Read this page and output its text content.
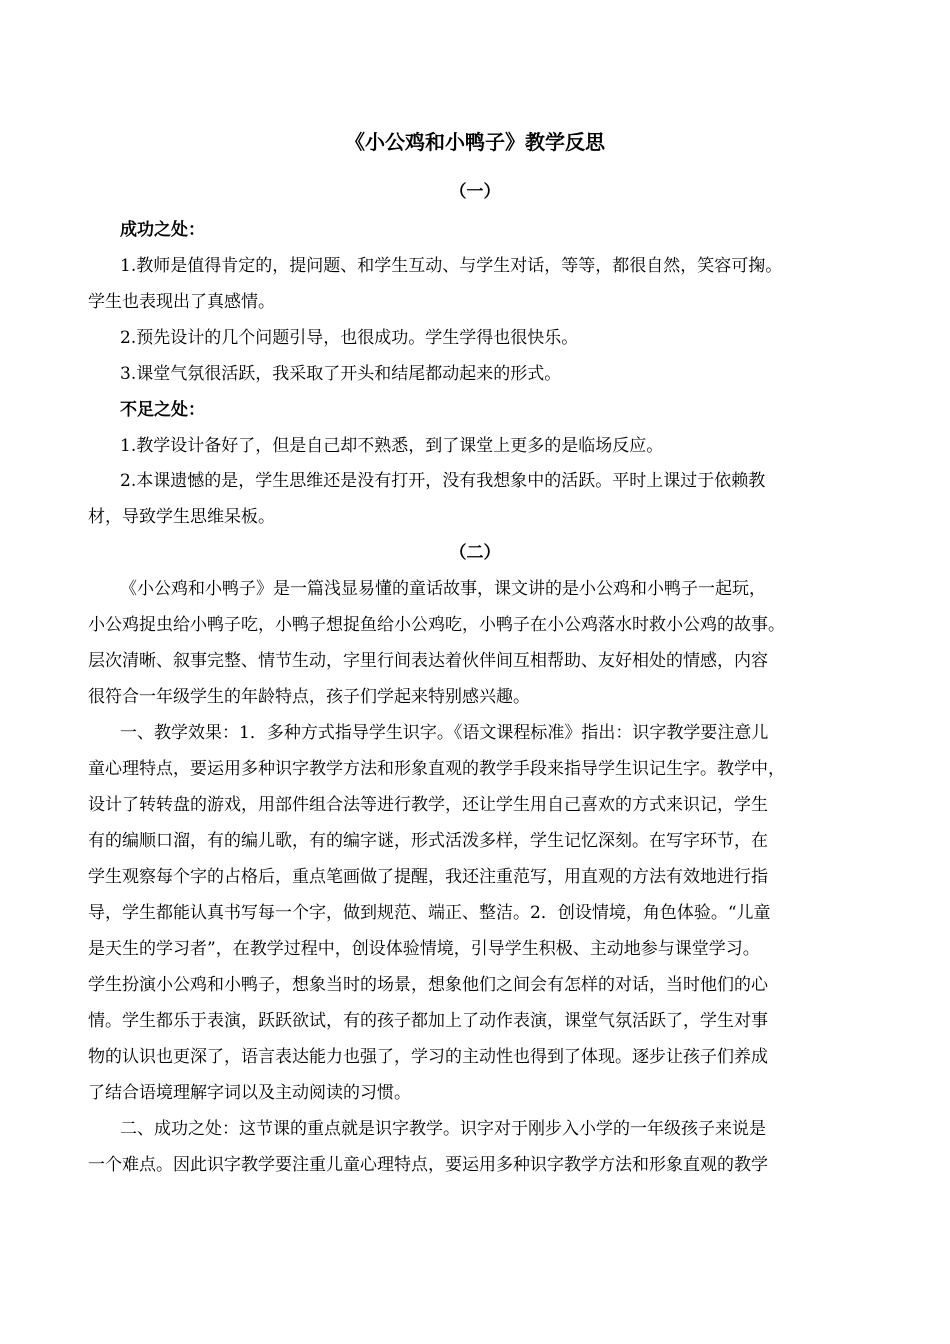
《小公鸡和小鸭子》教学反思
（一）
成功之处：
1.教师是值得肯定的，提问题、和学生互动、与学生对话，等等，都很自然，笑容可掬。
学生也表现出了真感情。
2.预先设计的几个问题引导，也很成功。学生学得也很快乐。
3.课堂气氛很活跃，我采取了开头和结尾都动起来的形式。
不足之处：
1.教学设计备好了，但是自己却不熟悉，到了课堂上更多的是临场反应。
2.本课遗憾的是，学生思维还是没有打开，没有我想象中的活跃。平时上课过于依赖教
材，导致学生思维呆板。
（二）
《小公鸡和小鸭子》是一篇浅显易懂的童话故事，课文讲的是小公鸡和小鸭子一起玩，
小公鸡捉虫给小鸭子吃，小鸭子想捉鱼给小公鸡吃，小鸭子在小公鸡落水时救小公鸡的故事。
层次清晰、叙事完整、情节生动，字里行间表达着伙伴间互相帮助、友好相处的情感，内容
很符合一年级学生的年龄特点，孩子们学起来特别感兴趣。
一、教学效果：1．多种方式指导学生识字。《语文课程标准》指出：识字教学要注意儿
童心理特点，要运用多种识字教学方法和形象直观的教学手段来指导学生识记生字。教学中，
设计了转转盘的游戏，用部件组合法等进行教学，还让学生用自己喜欢的方式来识记，学生
有的编顺口溜，有的编儿歌，有的编字谜，形式活泼多样，学生记忆深刻。在写字环节，在
学生观察每个字的占格后，重点笔画做了提醒，我还注重范写，用直观的方法有效地进行指
导，学生都能认真书写每一个字，做到规范、端正、整洁。2．创设情境，角色体验。“儿童
是天生的学习者”，在教学过程中，创设体验情境，引导学生积极、主动地参与课堂学习。
学生扮演小公鸡和小鸭子，想象当时的场景，想象他们之间会有怎样的对话，当时他们的心
情。学生都乐于表演，跃跃欲试，有的孩子都加上了动作表演，课堂气氛活跃了，学生对事
物的认识也更深了，语言表达能力也强了，学习的主动性也得到了体现。逐步让孩子们养成
了结合语境理解字词以及主动阅读的习惯。
二、成功之处：这节课的重点就是识字教学。识字对于刚步入小学的一年级孩子来说是
一个难点。因此识字教学要注重儿童心理特点，要运用多种识字教学方法和形象直观的教学
